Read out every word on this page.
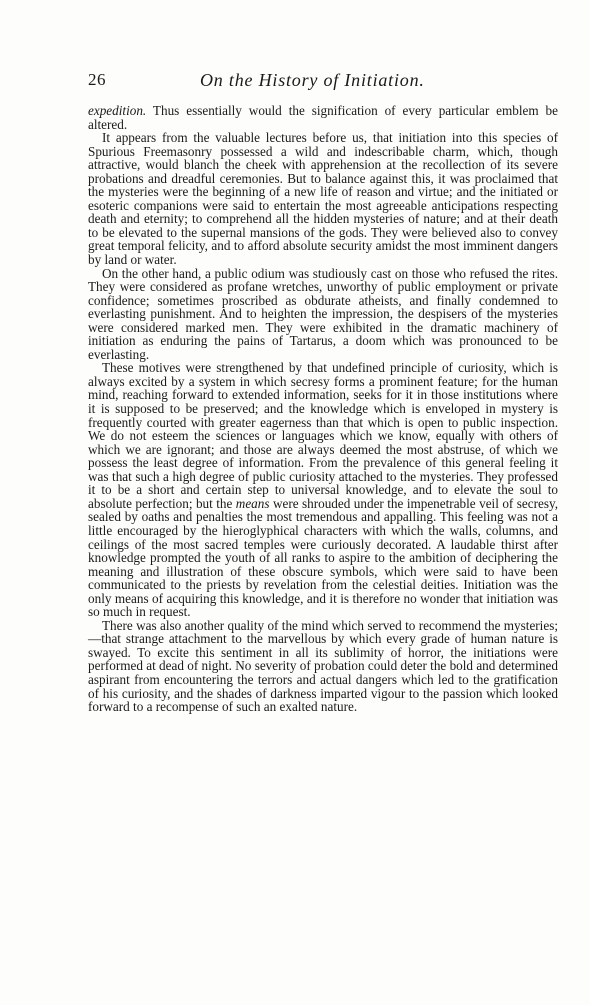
26	On the History of Initiation.

expedition. Thus essentially would the signification of every particular emblem be altered.

It appears from the valuable lectures before us, that initiation into this species of Spurious Freemasonry possessed a wild and indescribable charm, which, though attractive, would blanch the cheek with apprehension at the recollection of its severe probations and dreadful ceremonies. But to balance against this, it was proclaimed that the mysteries were the beginning of a new life of reason and virtue; and the initiated or esoteric companions were said to entertain the most agreeable anticipations respecting death and eternity; to comprehend all the hidden mysteries of nature; and at their death to be elevated to the supernal mansions of the gods. They were believed also to convey great temporal felicity, and to afford absolute security amidst the most imminent dangers by land or water.

On the other hand, a public odium was studiously cast on those who refused the rites. They were considered as profane wretches, unworthy of public employment or private confidence; sometimes proscribed as obdurate atheists, and finally condemned to everlasting punishment. And to heighten the impression, the despisers of the mysteries were considered marked men. They were exhibited in the dramatic machinery of initiation as enduring the pains of Tartarus, a doom which was pronounced to be everlasting.

These motives were strengthened by that undefined principle of curiosity, which is always excited by a system in which secresy forms a prominent feature; for the human mind, reaching forward to extended information, seeks for it in those institutions where it is supposed to be preserved; and the knowledge which is enveloped in mystery is frequently courted with greater eagerness than that which is open to public inspection. We do not esteem the sciences or languages which we know, equally with others of which we are ignorant; and those are always deemed the most abstruse, of which we possess the least degree of information. From the prevalence of this general feeling it was that such a high degree of public curiosity attached to the mysteries. They professed it to be a short and certain step to universal knowledge, and to elevate the soul to absolute perfection; but the means were shrouded under the impenetrable veil of secresy, sealed by oaths and penalties the most tremendous and appalling. This feeling was not a little encouraged by the hieroglyphical characters with which the walls, columns, and ceilings of the most sacred temples were curiously decorated. A laudable thirst after knowledge prompted the youth of all ranks to aspire to the ambition of deciphering the meaning and illustration of these obscure symbols, which were said to have been communicated to the priests by revelation from the celestial deities. Initiation was the only means of acquiring this knowledge, and it is therefore no wonder that initiation was so much in request.

There was also another quality of the mind which served to recommend the mysteries;—that strange attachment to the marvellous by which every grade of human nature is swayed. To excite this sentiment in all its sublimity of horror, the initiations were performed at dead of night. No severity of probation could deter the bold and determined aspirant from encountering the terrors and actual dangers which led to the gratification of his curiosity, and the shades of darkness imparted vigour to the passion which looked forward to a recompense of such an exalted nature.
